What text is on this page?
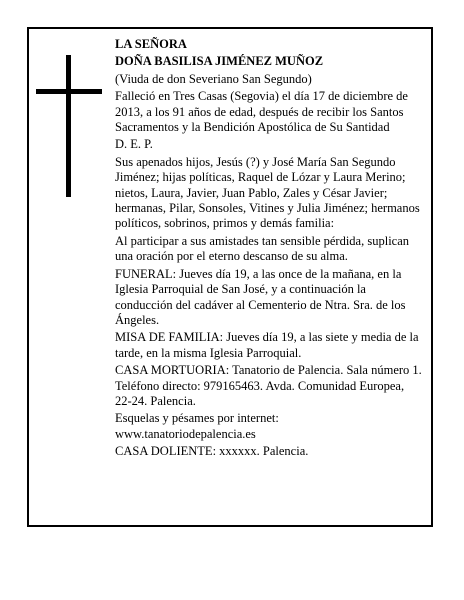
LA SEÑORA

DOÑA BASILISA JIMÉNEZ MUÑOZ

(Viuda de don Severiano San Segundo)

Falleció en Tres Casas (Segovia) el día 17 de diciembre de 2013, a los 91 años de edad, después de recibir los Santos Sacramentos y la Bendición Apostólica de Su Santidad

D. E. P.

Sus apenados hijos, Jesús (?) y José María San Segundo Jiménez; hijas políticas, Raquel de Lózar y Laura Merino; nietos, Laura, Javier, Juan Pablo, Zales y César Javier; hermanas, Pilar, Sonsoles, Vitines y Julia Jiménez; hermanos políticos, sobrinos, primos y demás familia:

Al participar a sus amistades tan sensible pérdida, suplican una oración por el eterno descanso de su alma.

FUNERAL: Jueves día 19, a las once de la mañana, en la Iglesia Parroquial de San José, y a continuación la conducción del cadáver al Cementerio de Ntra. Sra. de los Ángeles.

MISA DE FAMILIA: Jueves día 19, a las siete y media de la tarde, en la misma Iglesia Parroquial.

CASA MORTUORIA: Tanatorio de Palencia. Sala número 1. Teléfono directo: 979165463. Avda. Comunidad Europea, 22-24. Palencia.

Esquelas y pésames por internet:

www.tanatoriodepalencia.es

CASA DOLIENTE: xxxxxx. Palencia.
